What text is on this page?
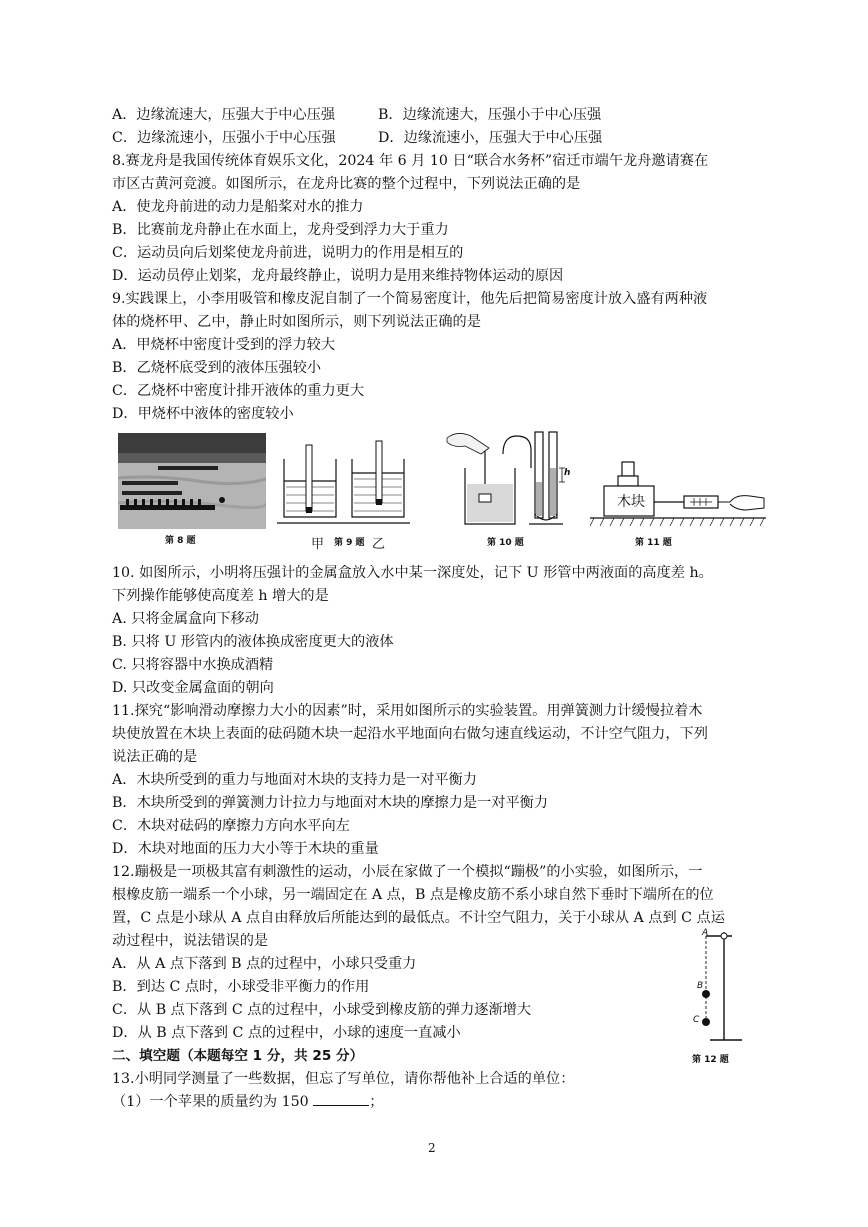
A．边缘流速大，压强大于中心压强	B．边缘流速大，压强小于中心压强
C．边缘流速小，压强小于中心压强	D．边缘流速小，压强大于中心压强
8.赛龙舟是我国传统体育娱乐文化，2024 年 6 月 10 日“联合水务杯”宿迁市端午龙舟邀请赛在
市区古黄河竞渡。如图所示，在龙舟比赛的整个过程中，下列说法正确的是
A．使龙舟前进的动力是船桨对水的推力
B．比赛前龙舟静止在水面上，龙舟受到浮力大于重力
C．运动员向后划桨使龙舟前进，说明力的作用是相互的
D．运动员停止划桨，龙舟最终静止，说明力是用来维持物体运动的原因
9.实践课上，小李用吸管和橡皮泥自制了一个简易密度计，他先后把简易密度计放入盛有两种液
体的烧杯甲、乙中，静止时如图所示，则下列说法正确的是
A．甲烧杯中密度计受到的浮力较大
B．乙烧杯底受到的液体压强较小
C．乙烧杯中密度计排开液体的重力更大
D．甲烧杯中液体的密度较小
第 8 题	甲 第 9 题 乙
h
第 10 题
木块
第 11 题
10. 如图所示，小明将压强计的金属盒放入水中某一深度处，记下 U 形管中两液面的高度差 h。
下列操作能够使高度差 h 增大的是
A. 只将金属盒向下移动
B. 只将 U 形管内的液体换成密度更大的液体
C. 只将容器中水换成酒精
D. 只改变金属盒面的朝向
11.探究“影响滑动摩擦力大小的因素”时，采用如图所示的实验装置。用弹簧测力计缓慢拉着木
块使放置在木块上表面的砝码随木块一起沿水平地面向右做匀速直线运动，不计空气阻力，下列
说法正确的是
A．木块所受到的重力与地面对木块的支持力是一对平衡力
B．木块所受到的弹簧测力计拉力与地面对木块的摩擦力是一对平衡力
C．木块对砝码的摩擦力方向水平向左
D．木块对地面的压力大小等于木块的重量
12.蹦极是一项极其富有刺激性的运动，小辰在家做了一个模拟“蹦极”的小实验，如图所示，一
根橡皮筋一端系一个小球，另一端固定在 A 点，B 点是橡皮筋不系小球自然下垂时下端所在的位
置，C 点是小球从 A 点自由释放后所能达到的最低点。不计空气阻力，关于小球从 A 点到 C 点运
动过程中，说法错误的是
A．从 A 点下落到 B 点的过程中，小球只受重力
B．到达 C 点时，小球受非平衡力的作用
C．从 B 点下落到 C 点的过程中，小球受到橡皮筋的弹力逐渐增大
D．从 B 点下落到 C 点的过程中，小球的速度一直减小
A
B
C
第 12 题
二、填空题（本题每空 1 分，共 25 分）
13.小明同学测量了一些数据，但忘了写单位，请你帮他补上合适的单位：
（1）一个苹果的质量约为 150	；
2
